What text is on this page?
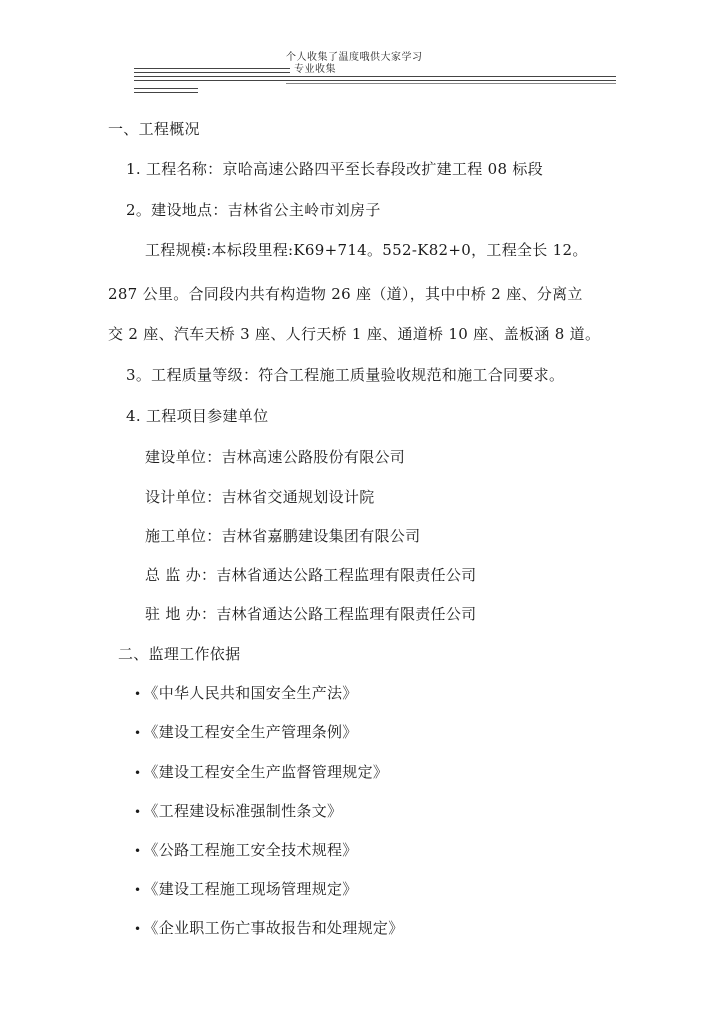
个人收集了温度哦供大家学习
专业收集
一、工程概况
1. 工程名称：京哈高速公路四平至长春段改扩建工程 08 标段
2。建设地点：吉林省公主岭市刘房子
工程规模:本标段里程:K69+714。552-K82+0，工程全长 12。
287 公里。合同段内共有构造物 26 座（道），其中中桥 2 座、分离立
交 2 座、汽车天桥 3 座、人行天桥 1 座、通道桥 10 座、盖板涵 8 道。
3。工程质量等级：符合工程施工质量验收规范和施工合同要求。
4. 工程项目参建单位
建设单位：吉林高速公路股份有限公司
设计单位：吉林省交通规划设计院
施工单位：吉林省嘉鹏建设集团有限公司
总 监 办：吉林省通达公路工程监理有限责任公司
驻 地 办：吉林省通达公路工程监理有限责任公司
二、监理工作依据
• 《中华人民共和国安全生产法》
• 《建设工程安全生产管理条例》
• 《建设工程安全生产监督管理规定》
• 《工程建设标准强制性条文》
• 《公路工程施工安全技术规程》
• 《建设工程施工现场管理规定》
• 《企业职工伤亡事故报告和处理规定》
